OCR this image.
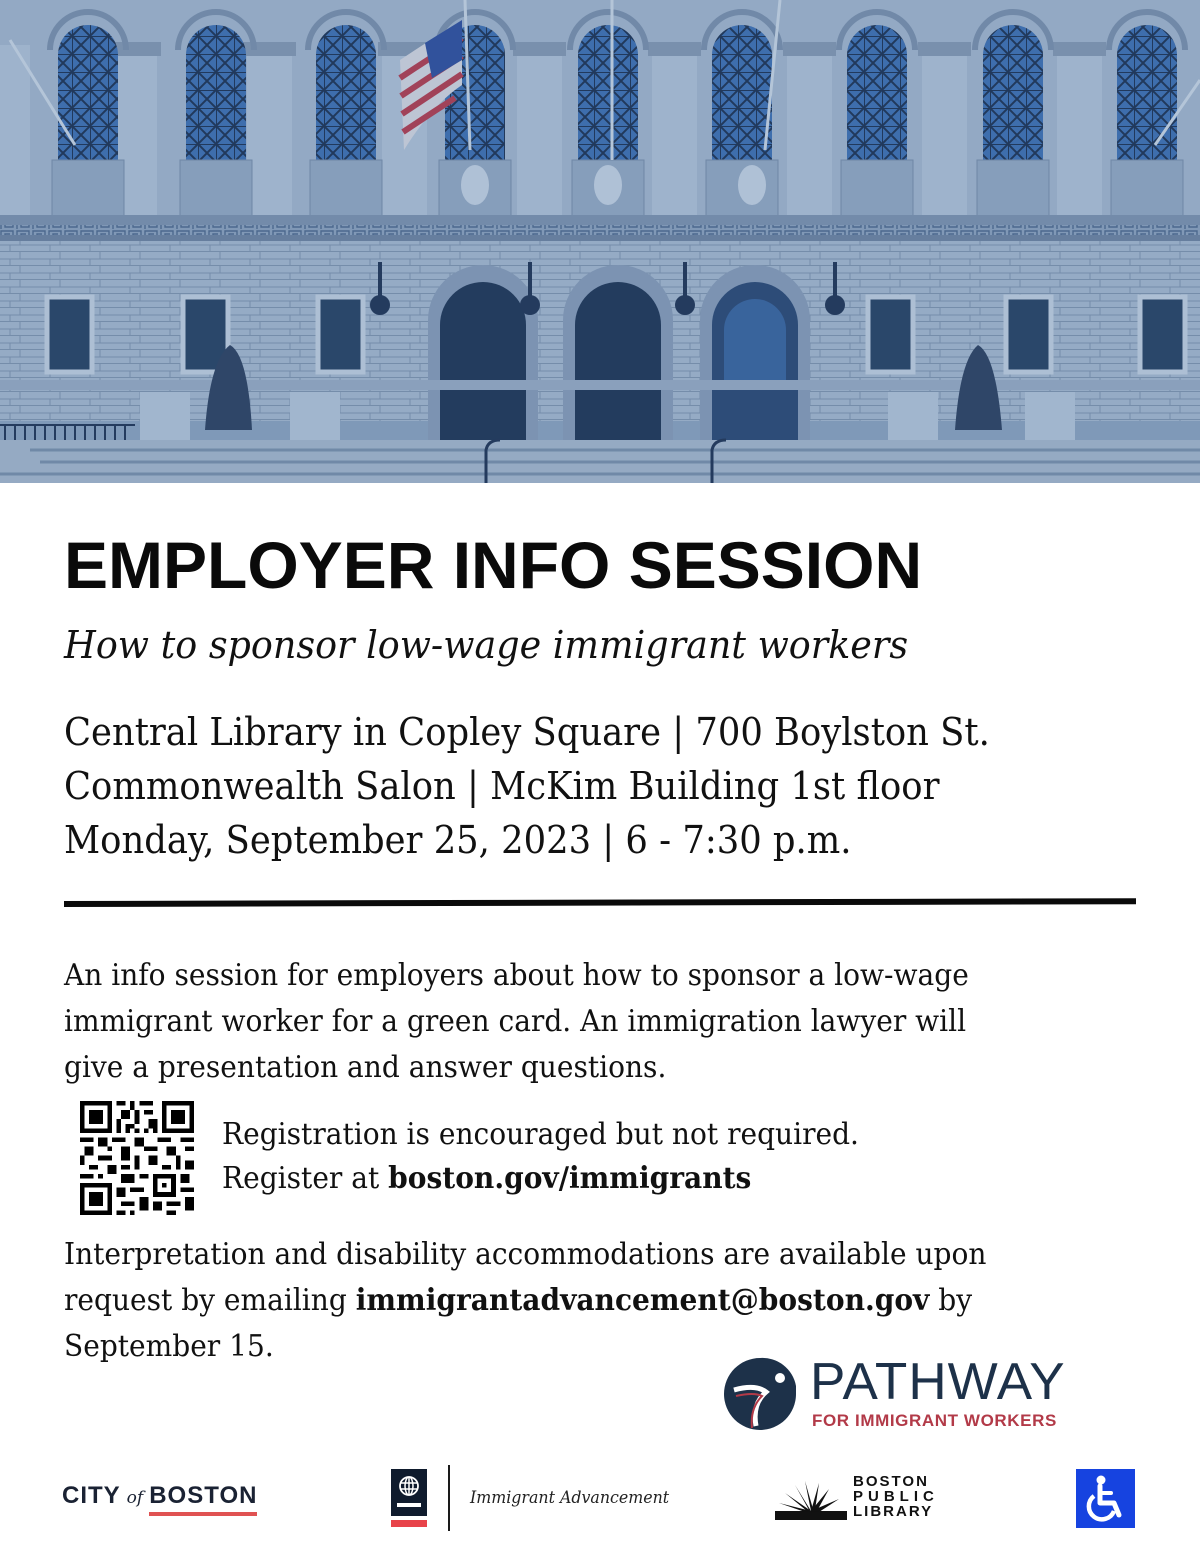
EMPLOYER INFO SESSION
How to sponsor low-wage immigrant workers
Central Library in Copley Square | 700 Boylston St.
Commonwealth Salon | McKim Building 1st floor
Monday, September 25, 2023 | 6 - 7:30 p.m.
An info session for employers about how to sponsor a low-wage
immigrant worker for a green card. An immigration lawyer will
give a presentation and answer questions.
Registration is encouraged but not required.
Register at boston.gov/immigrants
Interpretation and disability accommodations are available upon
request by emailing immigrantadvancement@boston.gov by
September 15.
PATHWAY
FOR IMMIGRANT WORKERS
CITY of BOSTON	Immigrant Advancement
BOSTON
PUBLIC
LIBRARY
